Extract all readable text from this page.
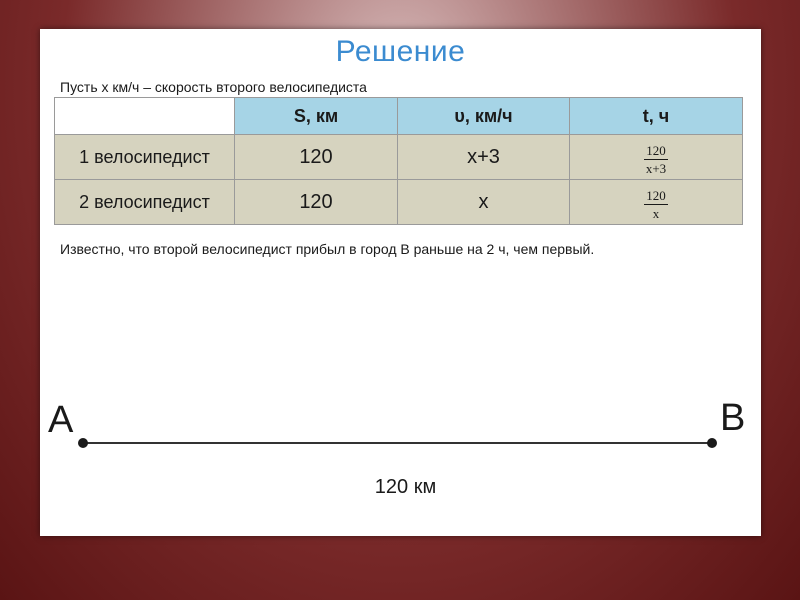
Решение
Пусть х км/ч – скорость второго велосипедиста
	S, км	υ, км/ч	t, ч
1 велосипедист	120	х+3	$\frac{120}{x+3}$

2 велосипедист	120	х	$\frac{120}{x}$
Известно, что второй велосипедист прибыл в город В раньше на 2 ч, чем первый.
A	B
120 км
